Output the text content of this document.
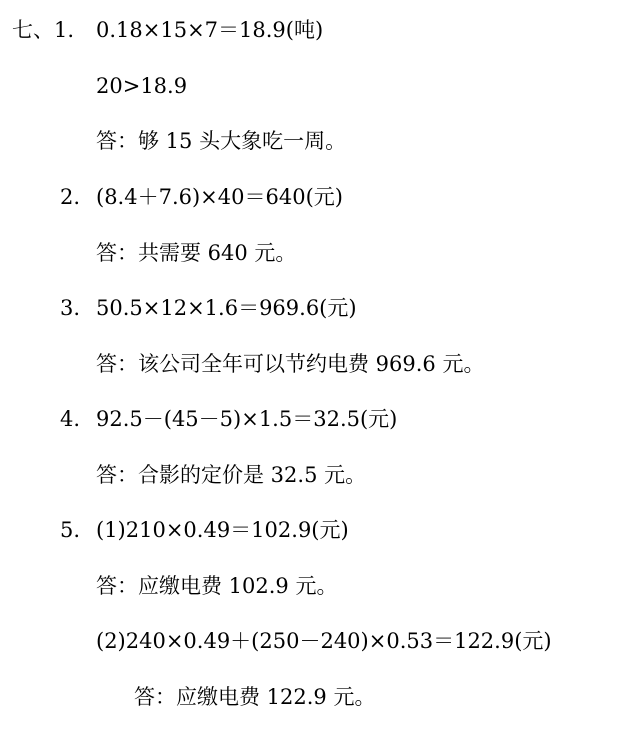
七、1. 0.18×15×7＝18.9(吨)
20>18.9
答：够 15 头大象吃一周。
2. (8.4＋7.6)×40＝640(元)
答：共需要 640 元。
3. 50.5×12×1.6＝969.6(元)
答：该公司全年可以节约电费 969.6 元。
4. 92.5－(45－5)×1.5＝32.5(元)
答：合影的定价是 32.5 元。
5. (1)210×0.49＝102.9(元)
答：应缴电费 102.9 元。
(2)240×0.49＋(250－240)×0.53＝122.9(元)
答：应缴电费 122.9 元。
